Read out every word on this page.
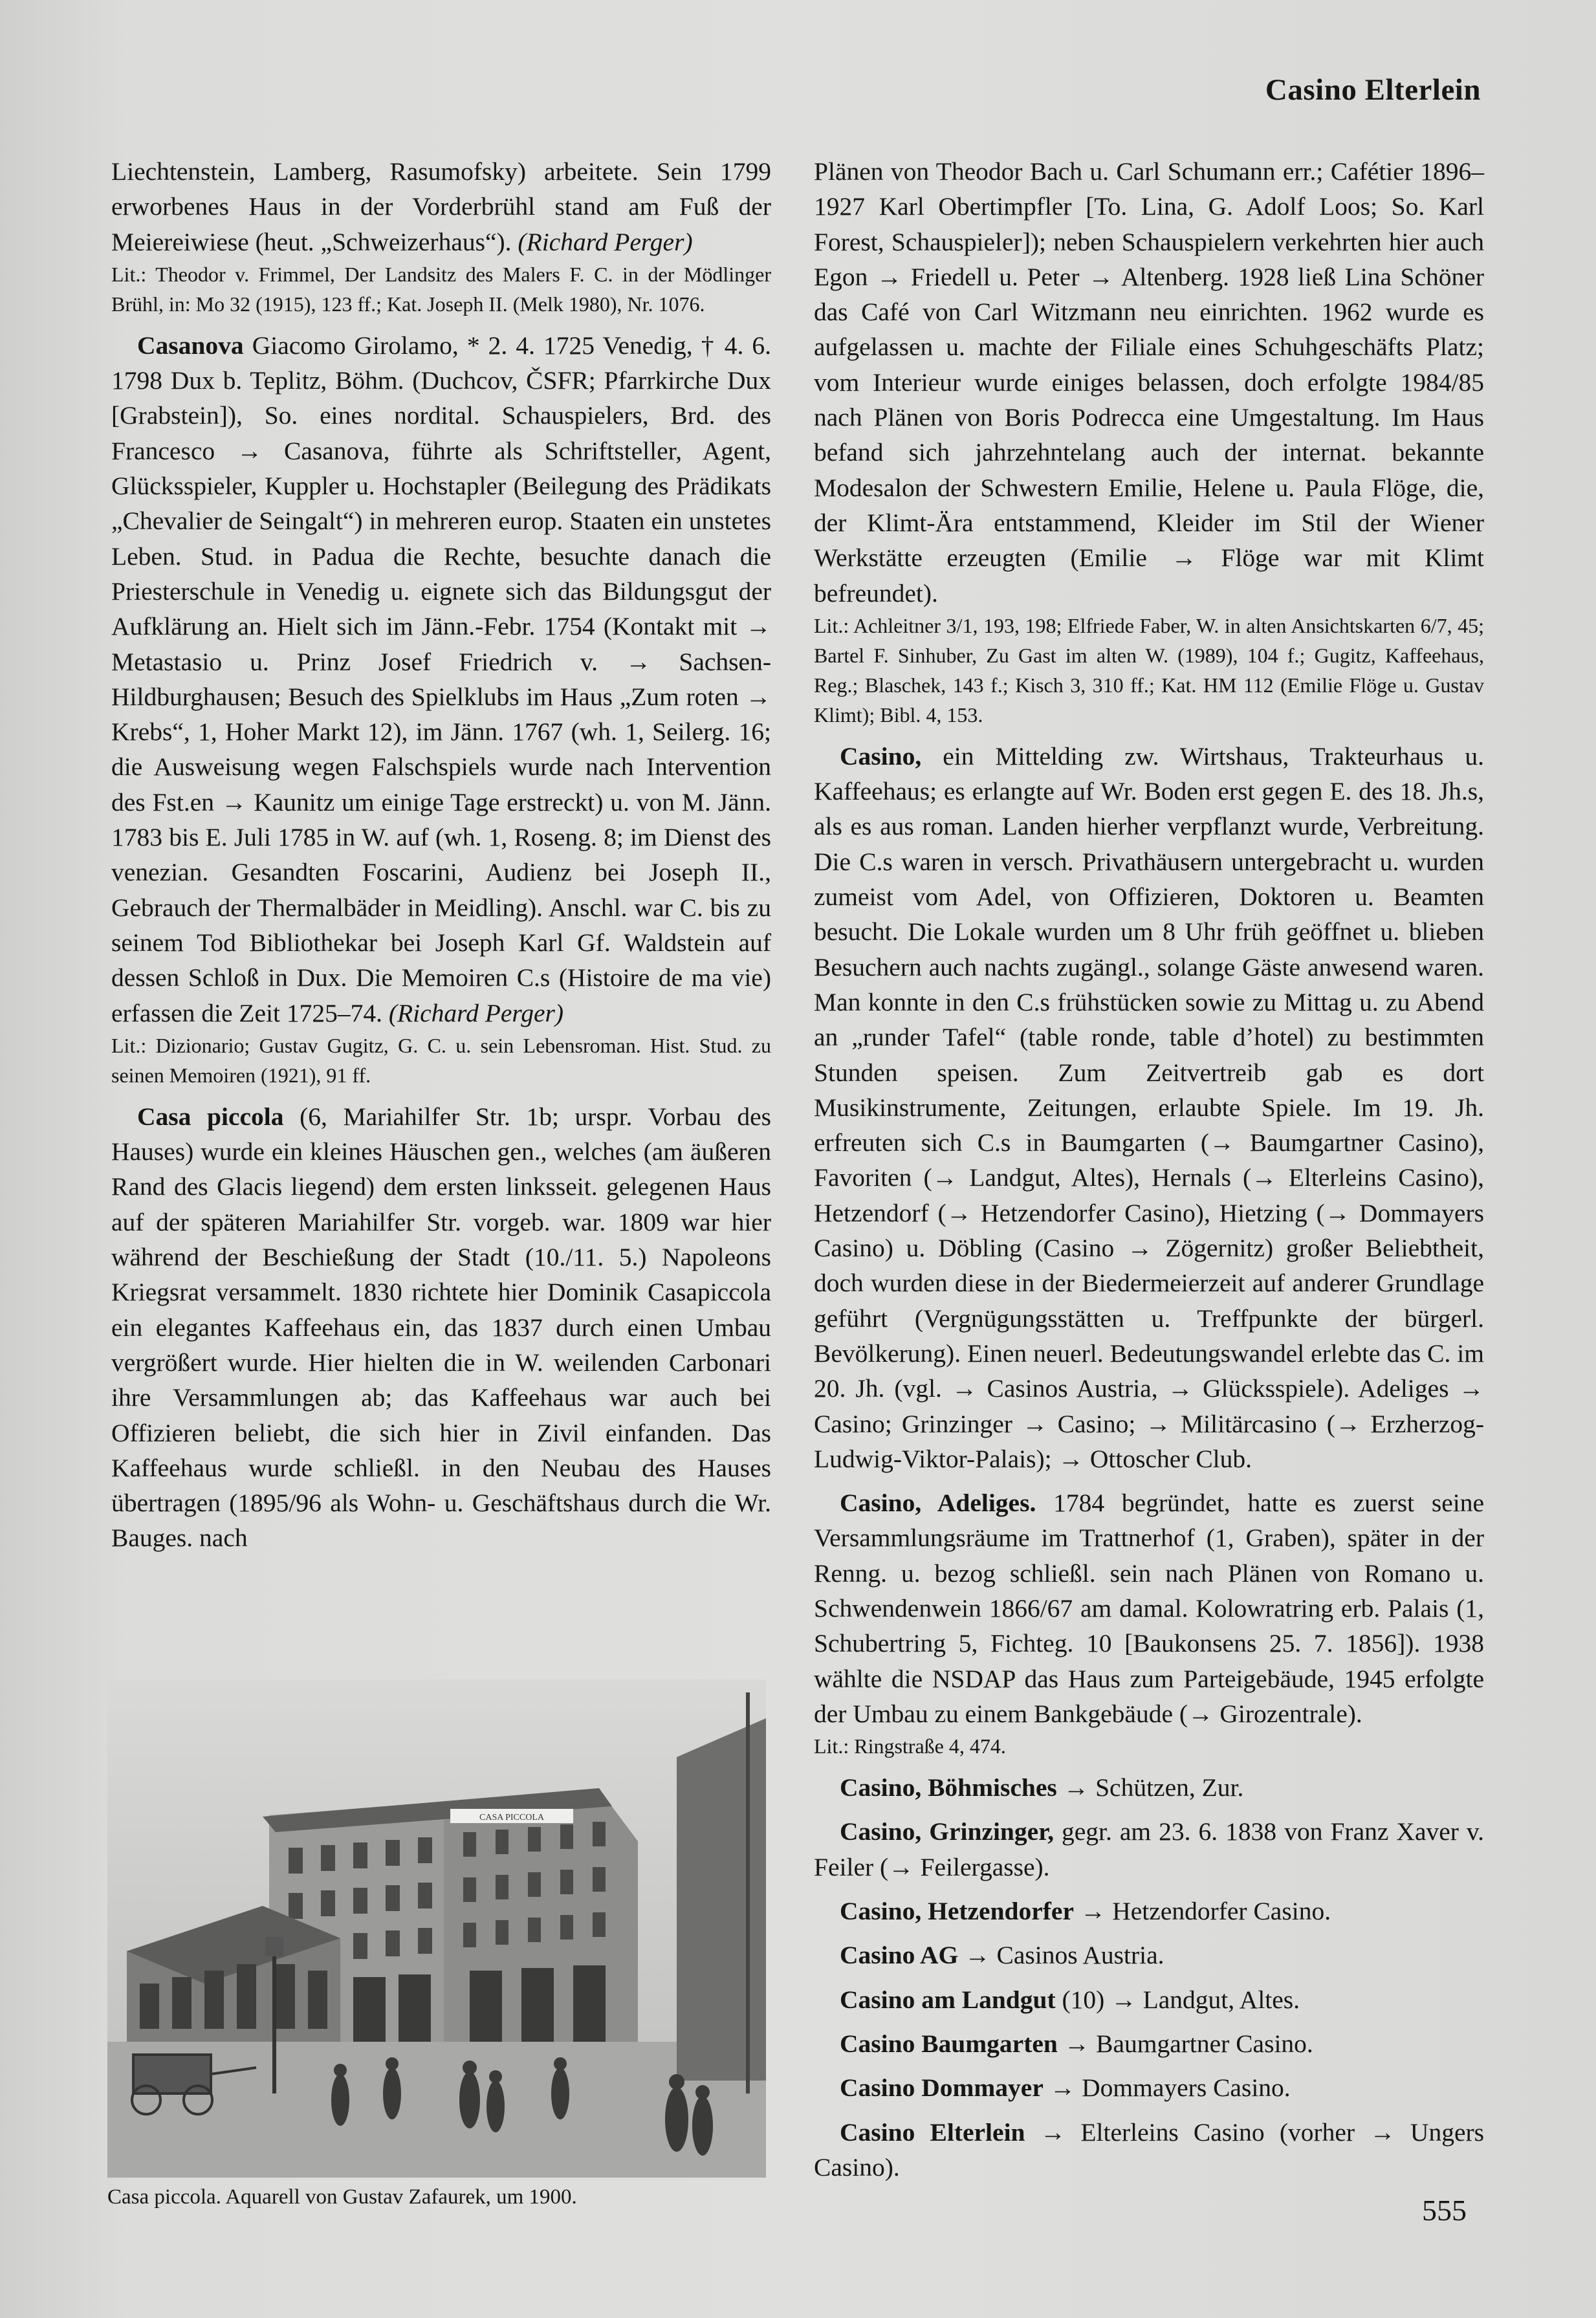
Casino Elterlein

Liechtenstein, Lamberg, Rasumofsky) arbeitete. Sein 1799 erworbenes Haus in der Vorderbrühl stand am Fuß der Meiereiwiese (heut. „Schweizerhaus“). (Richard Perger)

Lit.: Theodor v. Frimmel, Der Landsitz des Malers F. C. in der Mödlinger Brühl, in: Mo 32 (1915), 123 ff.; Kat. Joseph II. (Melk 1980), Nr. 1076.

Casanova Giacomo Girolamo, * 2. 4. 1725 Venedig, † 4. 6. 1798 Dux b. Teplitz, Böhm. (Duchcov, ČSFR; Pfarrkirche Dux [Grabstein]), So. eines nordital. Schauspielers, Brd. des Francesco → Casanova, führte als Schriftsteller, Agent, Glücksspieler, Kuppler u. Hochstapler (Beilegung des Prädikats „Chevalier de Seingalt“) in mehreren europ. Staaten ein unstetes Leben. Stud. in Padua die Rechte, besuchte danach die Priesterschule in Venedig u. eignete sich das Bildungsgut der Aufklärung an. Hielt sich im Jänn.-Febr. 1754 (Kontakt mit → Metastasio u. Prinz Josef Friedrich v. → Sachsen-Hildburghausen; Besuch des Spielklubs im Haus „Zum roten → Krebs“, 1, Hoher Markt 12), im Jänn. 1767 (wh. 1, Seilerg. 16; die Ausweisung wegen Falschspiels wurde nach Intervention des Fst.en → Kaunitz um einige Tage erstreckt) u. von M. Jänn. 1783 bis E. Juli 1785 in W. auf (wh. 1, Roseng. 8; im Dienst des venezian. Gesandten Foscarini, Audienz bei Joseph II., Gebrauch der Thermalbäder in Meidling). Anschl. war C. bis zu seinem Tod Bibliothekar bei Joseph Karl Gf. Waldstein auf dessen Schloß in Dux. Die Memoiren C.s (Histoire de ma vie) erfassen die Zeit 1725–74. (Richard Perger)

Lit.: Dizionario; Gustav Gugitz, G. C. u. sein Lebensroman. Hist. Stud. zu seinen Memoiren (1921), 91 ff.

Casa piccola (6, Mariahilfer Str. 1b; urspr. Vorbau des Hauses) wurde ein kleines Häuschen gen., welches (am äußeren Rand des Glacis liegend) dem ersten linksseit. gelegenen Haus auf der späteren Mariahilfer Str. vorgeb. war. 1809 war hier während der Beschießung der Stadt (10./11. 5.) Napoleons Kriegsrat versammelt. 1830 richtete hier Dominik Casapiccola ein elegantes Kaffeehaus ein, das 1837 durch einen Umbau vergrößert wurde. Hier hielten die in W. weilenden Carbonari ihre Versammlungen ab; das Kaffeehaus war auch bei Offizieren beliebt, die sich hier in Zivil einfanden. Das Kaffeehaus wurde schließl. in den Neubau des Hauses übertragen (1895/96 als Wohn- u. Geschäftshaus durch die Wr. Bauges. nach

CASA PICCOLA
Casa piccola. Aquarell von Gustav Zafaurek, um 1900.

Plänen von Theodor Bach u. Carl Schumann err.; Cafétier 1896–1927 Karl Obertimpfler [To. Lina, G. Adolf Loos; So. Karl Forest, Schauspieler]); neben Schauspielern verkehrten hier auch Egon → Friedell u. Peter → Altenberg. 1928 ließ Lina Schöner das Café von Carl Witzmann neu einrichten. 1962 wurde es aufgelassen u. machte der Filiale eines Schuhgeschäfts Platz; vom Interieur wurde einiges belassen, doch erfolgte 1984/85 nach Plänen von Boris Podrecca eine Umgestaltung. Im Haus befand sich jahrzehntelang auch der internat. bekannte Modesalon der Schwestern Emilie, Helene u. Paula Flöge, die, der Klimt-Ära entstammend, Kleider im Stil der Wiener Werkstätte erzeugten (Emilie → Flöge war mit Klimt befreundet).

Lit.: Achleitner 3/1, 193, 198; Elfriede Faber, W. in alten Ansichtskarten 6/7, 45; Bartel F. Sinhuber, Zu Gast im alten W. (1989), 104 f.; Gugitz, Kaffeehaus, Reg.; Blaschek, 143 f.; Kisch 3, 310 ff.; Kat. HM 112 (Emilie Flöge u. Gustav Klimt); Bibl. 4, 153.

Casino, ein Mittelding zw. Wirtshaus, Trakteurhaus u. Kaffeehaus; es erlangte auf Wr. Boden erst gegen E. des 18. Jh.s, als es aus roman. Landen hierher verpflanzt wurde, Verbreitung. Die C.s waren in versch. Privathäusern untergebracht u. wurden zumeist vom Adel, von Offizieren, Doktoren u. Beamten besucht. Die Lokale wurden um 8 Uhr früh geöffnet u. blieben Besuchern auch nachts zugängl., solange Gäste anwesend waren. Man konnte in den C.s frühstücken sowie zu Mittag u. zu Abend an „runder Tafel“ (table ronde, table d’hotel) zu bestimmten Stunden speisen. Zum Zeitvertreib gab es dort Musikinstrumente, Zeitungen, erlaubte Spiele. Im 19. Jh. erfreuten sich C.s in Baumgarten (→ Baumgartner Casino), Favoriten (→ Landgut, Altes), Hernals (→ Elterleins Casino), Hetzendorf (→ Hetzendorfer Casino), Hietzing (→ Dommayers Casino) u. Döbling (Casino → Zögernitz) großer Beliebtheit, doch wurden diese in der Biedermeierzeit auf anderer Grundlage geführt (Vergnügungsstätten u. Treffpunkte der bürgerl. Bevölkerung). Einen neuerl. Bedeutungswandel erlebte das C. im 20. Jh. (vgl. → Casinos Austria, → Glücksspiele). Adeliges → Casino; Grinzinger → Casino; → Militärcasino (→ Erzherzog-Ludwig-Viktor-Palais); → Ottoscher Club.

Casino, Adeliges. 1784 begründet, hatte es zuerst seine Versammlungsräume im Trattnerhof (1, Graben), später in der Renng. u. bezog schließl. sein nach Plänen von Romano u. Schwendenwein 1866/67 am damal. Kolowratring erb. Palais (1, Schubertring 5, Fichteg. 10 [Baukonsens 25. 7. 1856]). 1938 wählte die NSDAP das Haus zum Parteigebäude, 1945 erfolgte der Umbau zu einem Bankgebäude (→ Girozentrale).

Lit.: Ringstraße 4, 474.

Casino, Böhmisches → Schützen, Zur.

Casino, Grinzinger, gegr. am 23. 6. 1838 von Franz Xaver v. Feiler (→ Feilergasse).

Casino, Hetzendorfer → Hetzendorfer Casino.

Casino AG → Casinos Austria.

Casino am Landgut (10) → Landgut, Altes.

Casino Baumgarten → Baumgartner Casino.

Casino Dommayer → Dommayers Casino.

Casino Elterlein → Elterleins Casino (vorher → Ungers Casino).

555
